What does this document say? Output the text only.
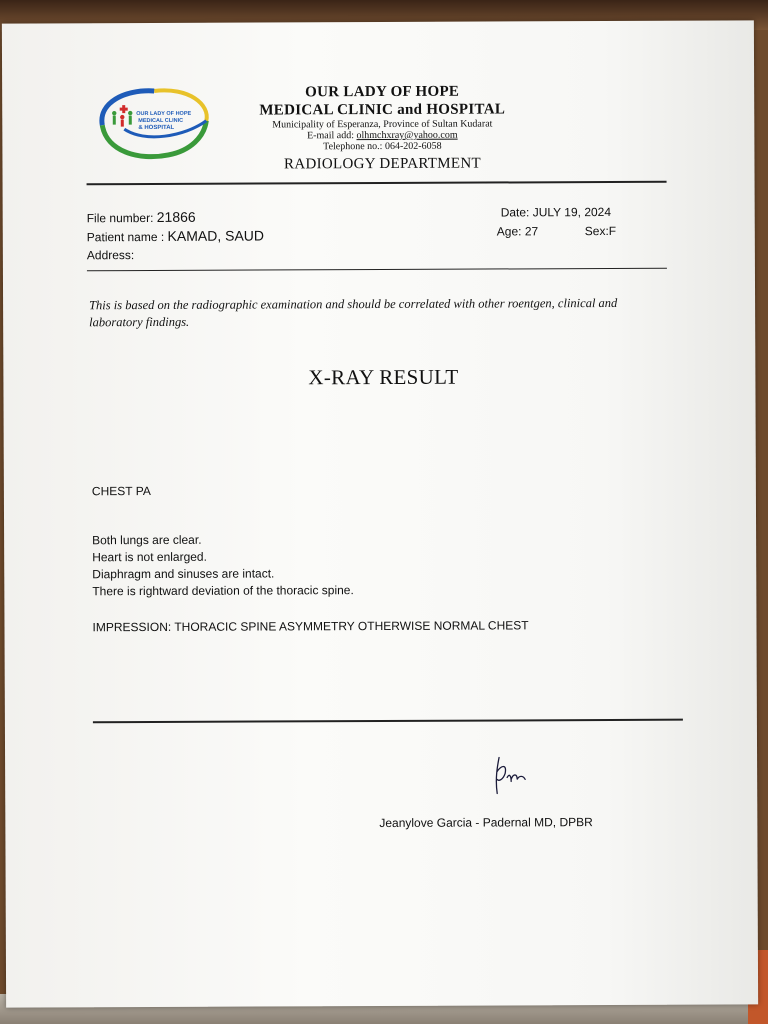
OUR LADY OF HOPE
MEDICAL CLINIC
& HOSPITAL
OUR LADY OF HOPE
MEDICAL CLINIC and HOSPITAL
Municipality of Esperanza, Province of Sultan Kudarat
E-mail add: olhmchxray@yahoo.com
Telephone no.: 064-202-6058
RADIOLOGY DEPARTMENT
File number: 21866
Patient name : KAMAD, SAUD
Address:
Date: JULY 19, 2024
Age: 27	Sex:F
This is based on the radiographic examination and should be correlated with other roentgen, clinical and laboratory findings.
X-RAY RESULT
CHEST PA
Both lungs are clear.
Heart is not enlarged.
Diaphragm and sinuses are intact.
There is rightward deviation of the thoracic spine.
IMPRESSION: THORACIC SPINE ASYMMETRY OTHERWISE NORMAL CHEST
Jeanylove Garcia - Padernal MD, DPBR
